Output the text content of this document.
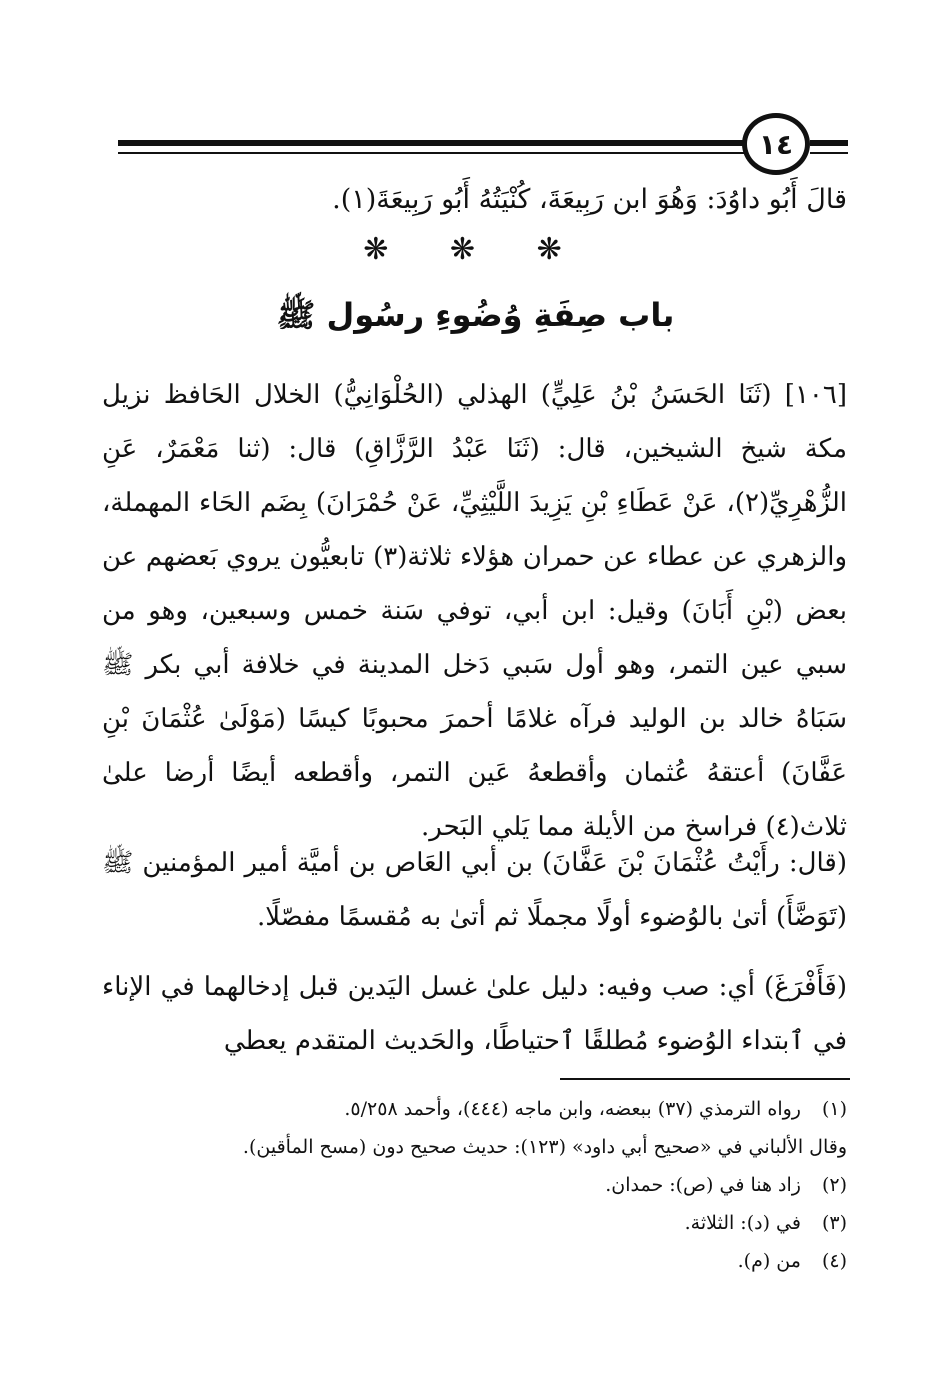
١٤
قالَ أَبُو داوُدَ: وَهُوَ ابن رَبِيعَةَ، كُنْيَتُهُ أَبُو رَبِيعَةَ(١).
❋ ❋ ❋
باب صِفَةِ وُضُوءِ رسُول ﷺ
[١٠٦] (ثَنَا الحَسَنُ بْنُ عَلِيٍّ) الهذلي (الحُلْوَانِيُّ) الخلال الحَافظ نزيل مكة شيخ الشيخين، قال: (ثَنَا عَبْدُ الرَّزَّاقِ) قال: (ثنا مَعْمَرٌ، عَنِ الزُّهْرِيِّ(٢)، عَنْ عَطَاءِ بْنِ يَزِيدَ اللَّيْثِيِّ، عَنْ حُمْرَانَ) بِضَم الحَاء المهملة، والزهري عن عطاء عن حمران هؤلاء ثلاثة(٣) تابعيُّون يروي بَعضهم عن بعض (بْنِ أَبَانَ) وقيل: ابن أبي، توفي سَنة خمس وسبعين، وهو من سبي عين التمر، وهو أول سَبي دَخل المدينة في خلافة أبي بكر ﷺ سَبَاهُ خالد بن الوليد فرآه غلامًا أحمرَ محبوبًا كيسًا (مَوْلَىٰ عُثْمَانَ بْنِ عَفَّانَ) أعتقهُ عُثمان وأقطعهُ عَين التمر، وأقطعه أيضًا أرضا علىٰ ثلاث(٤) فراسخ من الأيلة مما يَلي البَحر.
(قال: رأَيْتُ عُثْمَانَ بْنَ عَفَّانَ) بن أبي العَاص بن أميَّة أمير المؤمنين ﷺ (تَوَضَّأَ) أتىٰ بالوُضوء أولًا مجملًا ثم أتىٰ به مُقسمًا مفصّلًا.
(فَأَفْرَغَ) أي: صب وفيه: دليل علىٰ غسل اليَدين قبل إدخالهما في الإناء في ٱبتداء الوُضوء مُطلقًا ٱحتياطًا، والحَديث المتقدم يعطي
(١) رواه الترمذي (٣٧) ببعضه، وابن ماجه (٤٤٤)، وأحمد ٥/٢٥٨.
وقال الألباني في «صحيح أبي داود» (١٢٣): حديث صحيح دون (مسح المأقين).
(٢) زاد هنا في (ص): حمدان.
(٣) في (د): الثلاثة.
(٤) من (م).
